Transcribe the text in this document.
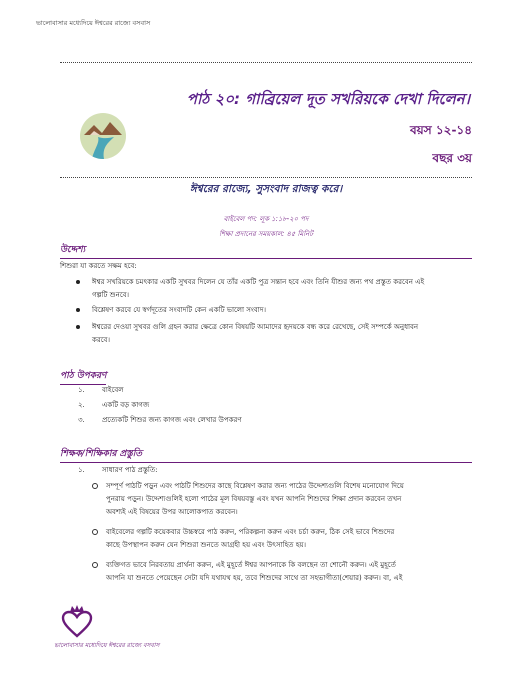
ভালোবাসার মধ্যেদিয়ে ঈশ্বরের রাজ্যে বসবাস
পাঠ ২০: গাব্রিয়েল দূত সখরিয়কে দেখা দিলেন।
বয়স ১২-১৪
বছর ৩য়
ঈশ্বরের রাজ্যে, সুসংবাদ রাজত্ব করে।
বাইবেল পদ: লূক ১:১৮-২০ পদ
শিক্ষা প্রদানের সময়কাল: ৪৫ মিনিট
উদ্দেশ্য
শিশুরা যা করতে সক্ষম হবে:
ঈশ্বর সখরিয়কে চমৎকার একটি সুখবর দিলেন যে তাঁর একটি পুত্র সন্তান হবে এবং তিনি যীশুর জন্য পথ প্রস্তুত করবেন এই
গল্পটি শুনবে।
বিশ্লেষণ করবে যে স্বর্গদূতের সংবাদটি কেন একটি ভালো সংবাদ।
ঈশ্বরের দেওয়া সুখবর গুলি গ্রহন করার ক্ষেত্রে কোন বিষয়টি আমাদের হৃদয়কে বন্ধ করে রেখেছে, সেই সম্পর্কে অনুধাবন
করবে।
পাঠ উপকরণ
১. বাইবেল
২. একটি বড় কাগজ
৩. প্রত্যেকটি শিশুর জন্য কাগজ এবং লেখার উপকরণ
শিক্ষক/শিক্ষিকার প্রস্তুতি
১. সাধারণ পাঠ প্রস্তুতি:
সম্পূর্ণ পাঠটি পড়ুন এবং পাঠটি শিশুদের কাছে বিশ্লেষণ করার জন্য পাঠের উদ্দেশ্যগুলি বিশেষ মনোযোগ দিয়ে
পুনরায় পড়ুন। উদ্দেশ্যগুলিই হলো পাঠের মূল বিষয়বস্তু এবং যখন আপনি শিশুদের শিক্ষা প্রদান করবেন তখন
অবশ্যই এই বিষয়ের উপর আলোকপাত করবেন।
বাইবেলের গল্পটি কয়েকবার উচ্চস্বরে পাঠ করুন, পরিকল্পনা করুন এবং চর্চা করুন, ঠিক সেই ভাবে শিশুদের
কাছে উপস্থাপন করুন যেন শিশুরা শুনতে আগ্রহী হয় এবং উৎসাহিত হয়।
ব্যক্তিগত ভাবে নিরবতায় প্রার্থনা করুন, এই মুহূর্তে ঈশ্বর আপনাকে কি বলছেন তা শোনৌ করুন। এই মুহূর্তে
আপনি যা শুনতে পেয়েছেন সেটা যদি যথাযথ হয়, তবে শিশুদের সাথে তা সহভাগীতা(শেয়ার) করুন। বা, এই
ভালোবাসার মধ্যেদিয়ে ঈশ্বরের রাজ্যে বসবাস
